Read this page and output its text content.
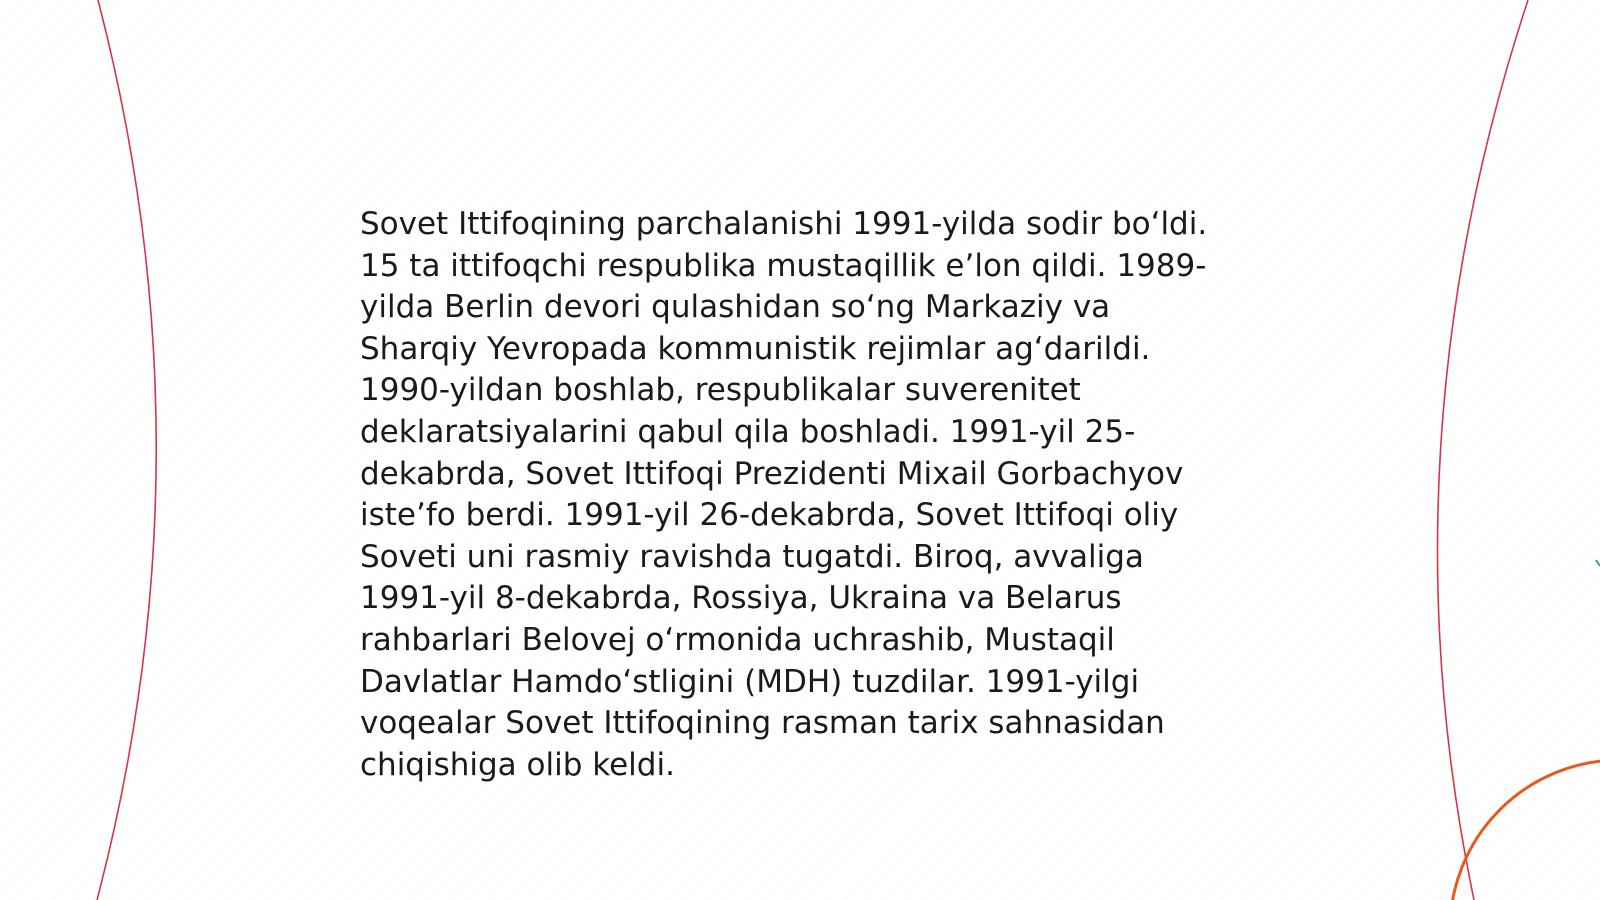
Sovet Ittifoqining parchalanishi 1991-yilda sodir bo‘ldi.
15 ta ittifoqchi respublika mustaqillik e’lon qildi. 1989-
yilda Berlin devori qulashidan so‘ng Markaziy va
Sharqiy Yevropada kommunistik rejimlar ag‘darildi.
1990-yildan boshlab, respublikalar suverenitet
deklaratsiyalarini qabul qila boshladi. 1991-yil 25-
dekabrda, Sovet Ittifoqi Prezidenti Mixail Gorbachyov
iste’fo berdi. 1991-yil 26-dekabrda, Sovet Ittifoqi oliy
Soveti uni rasmiy ravishda tugatdi. Biroq, avvaliga
1991-yil 8-dekabrda, Rossiya, Ukraina va Belarus
rahbarlari Belovej o‘rmonida uchrashib, Mustaqil
Davlatlar Hamdo‘stligini (MDH) tuzdilar. 1991-yilgi
voqealar Sovet Ittifoqining rasman tarix sahnasidan
chiqishiga olib keldi.
